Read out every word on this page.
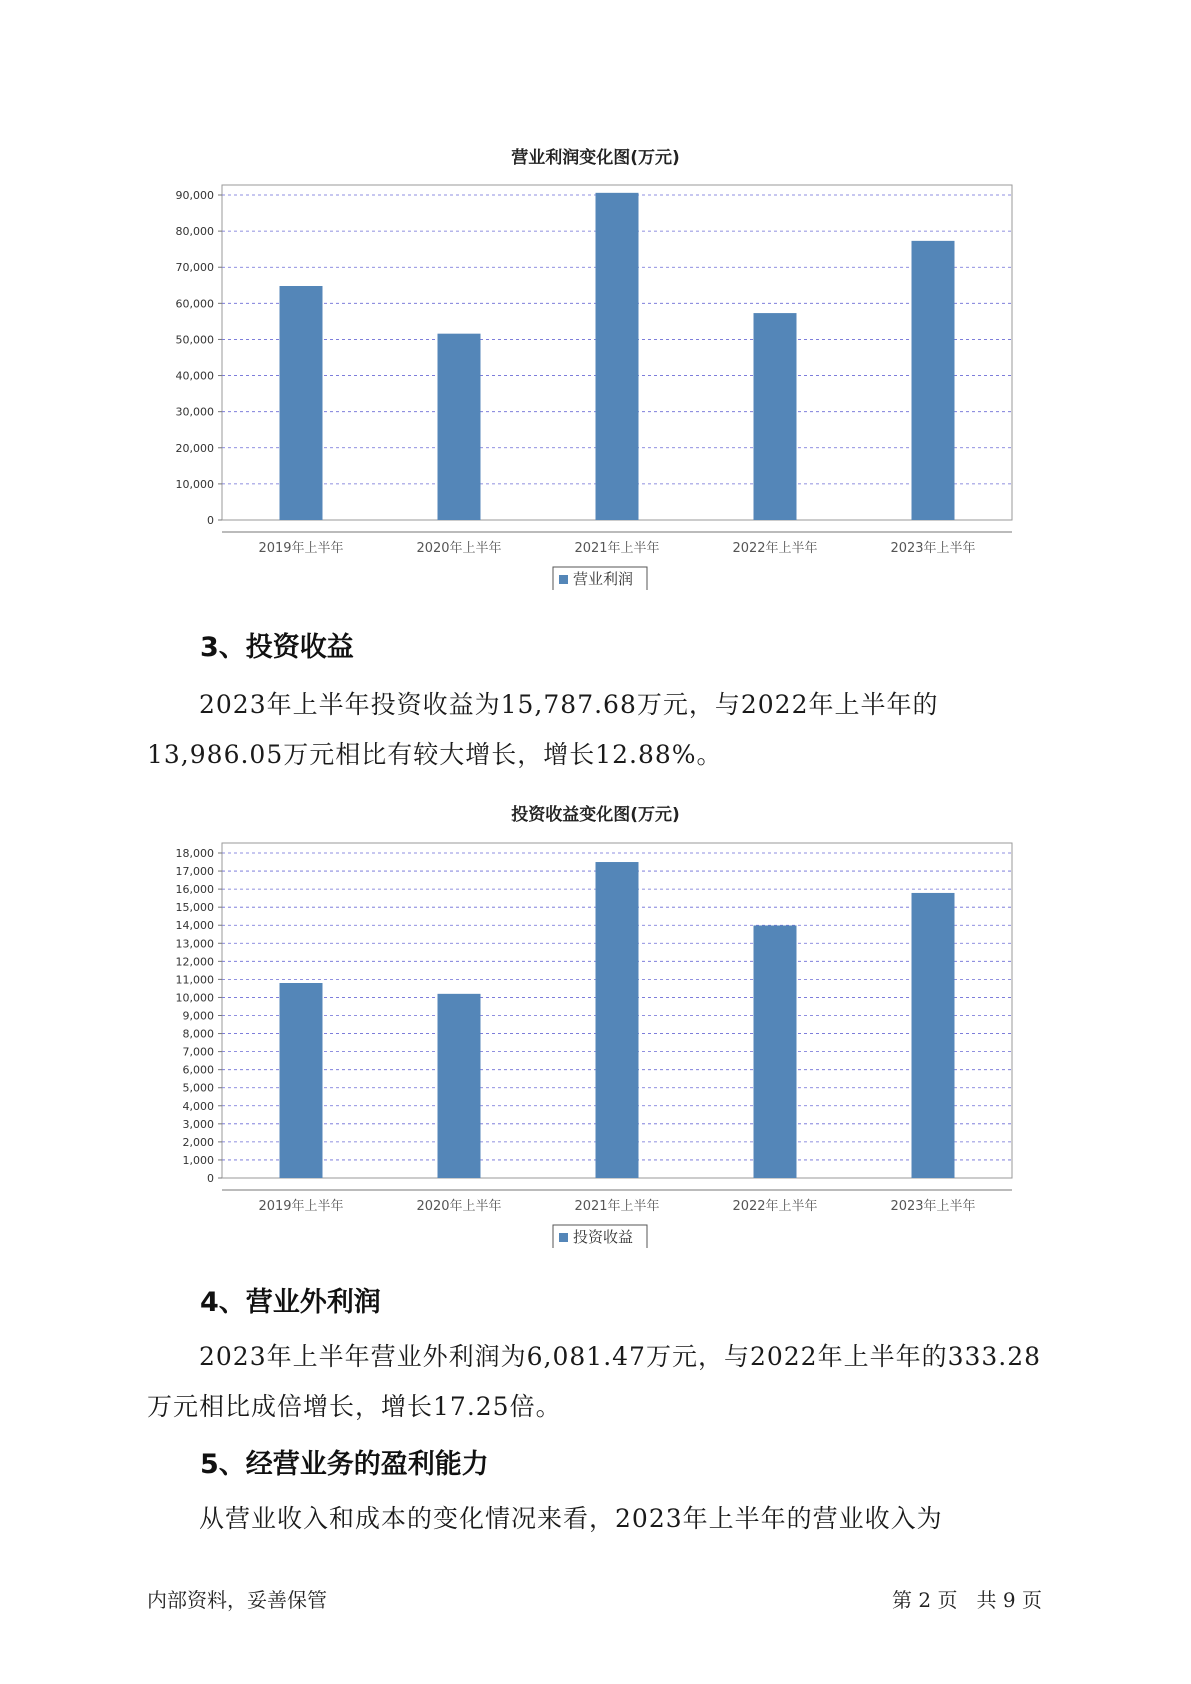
营业利润变化图(万元)
0
10,000
20,000
30,000
40,000
50,000
60,000
70,000
80,000
90,000
2019年上半年	2020年上半年	2021年上半年	2022年上半年	2023年上半年
营业利润
3、投资收益

2023年上半年投资收益为15,787.68万元，与2022年上半年的13,986.05万元相比有较大增长，增长12.88%。

投资收益变化图(万元)
0
1,000
2,000
3,000
4,000
5,000
6,000
7,000
8,000
9,000
10,000
11,000
12,000
13,000
14,000
15,000
16,000
17,000
18,000
2019年上半年	2020年上半年	2021年上半年	2022年上半年	2023年上半年
投资收益
4、营业外利润

2023年上半年营业外利润为6,081.47万元，与2022年上半年的333.28万元相比成倍增长，增长17.25倍。

5、经营业务的盈利能力

从营业收入和成本的变化情况来看，2023年上半年的营业收入为

内部资料，妥善保管	第 2 页   共 9 页
